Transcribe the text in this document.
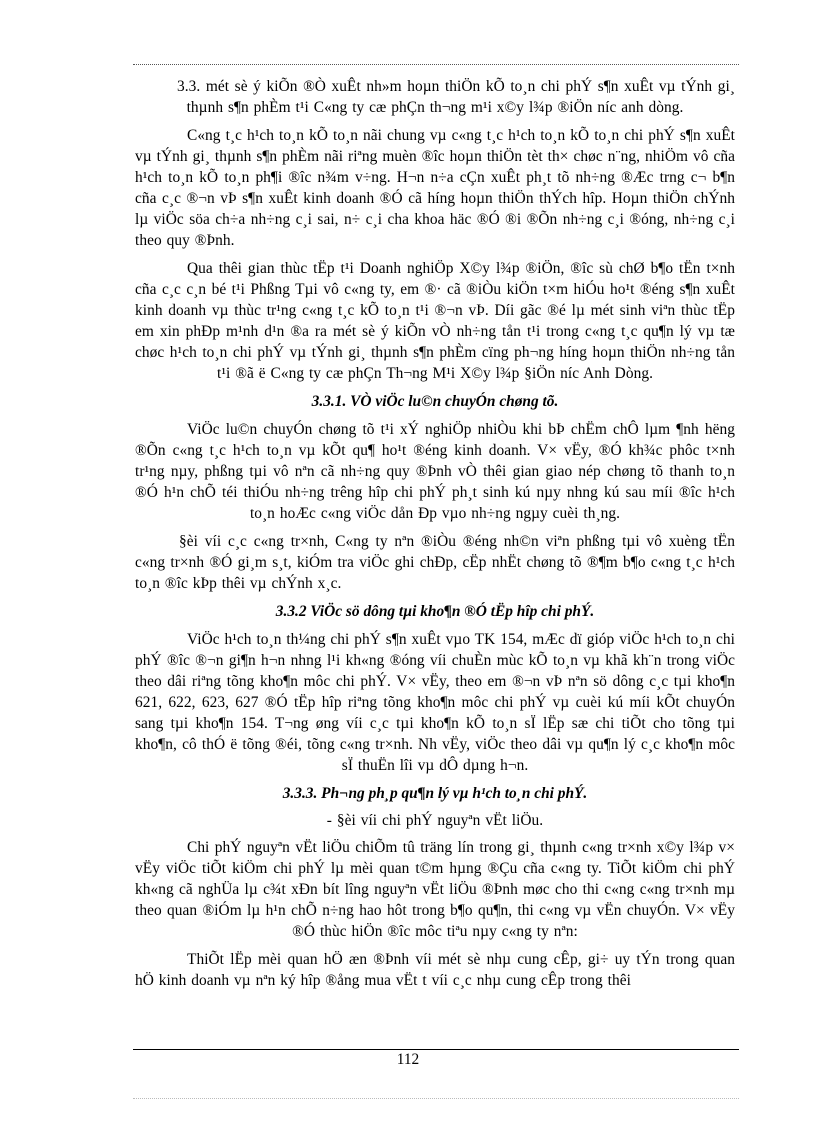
3.3. mét sè ý kiÕn ®Ò xuÊt nh»m hoµn thiÖn kÕ to¸n chi phÝ s¶n xuÊt vµ tÝnh gi¸ thµnh s¶n phÈm t¹i C«ng ty cæ phÇn th¬ng m¹i x©y l¾p ®iÖn níc anh dòng.

C«ng t¸c h¹ch to¸n kÕ to¸n nãi chung vµ c«ng t¸c h¹ch to¸n kÕ to¸n chi phÝ s¶n xuÊt vµ tÝnh gi¸ thµnh s¶n phÈm nãi riªng muèn ®îc hoµn thiÖn tèt th× chøc n¨ng, nhiÖm vô cña h¹ch to¸n kÕ to¸n ph¶i ®îc n¾m v÷ng. H¬n n÷a cÇn xuÊt ph¸t tõ nh÷ng ®Æc trng c¬ b¶n cña c¸c ®¬n vÞ s¶n xuÊt kinh doanh ®Ó cã híng hoµn thiÖn thÝch hîp. Hoµn thiÖn chÝnh lµ viÖc söa ch÷a nh÷ng c¸i sai, n÷ c¸i cha khoa häc ®Ó ®i ®Õn nh÷ng c¸i ®óng, nh÷ng c¸i theo quy ®Þnh.

Qua thêi gian thùc tËp t¹i Doanh nghiÖp X©y l¾p ®iÖn, ®îc sù chØ b¶o tËn t×nh cña c¸c c¸n bé t¹i Phßng Tµi vô c«ng ty, em ®· cã ®iÒu kiÖn t×m hiÓu ho¹t ®éng s¶n xuÊt kinh doanh vµ thùc tr¹ng c«ng t¸c kÕ to¸n t¹i ®¬n vÞ. Díi gãc ®é lµ mét sinh viªn thùc tËp em xin phÐp m¹nh d¹n ®a ra mét sè ý kiÕn vÒ nh÷ng tån t¹i trong c«ng t¸c qu¶n lý vµ tæ chøc h¹ch to¸n chi phÝ vµ tÝnh gi¸ thµnh s¶n phÈm cïng ph¬ng híng hoµn thiÖn nh÷ng tån t¹i ®ã ë C«ng ty cæ phÇn Th¬ng M¹i X©y l¾p §iÖn níc Anh Dòng.

3.3.1. VÒ viÖc lu©n chuyÓn chøng tõ.

ViÖc lu©n chuyÓn chøng tõ t¹i xÝ nghiÖp nhiÒu khi bÞ chËm chÔ lµm ¶nh hëng ®Õn c«ng t¸c h¹ch to¸n vµ kÕt qu¶ ho¹t ®éng kinh doanh. V× vËy, ®Ó kh¾c phôc t×nh tr¹ng nµy, phßng tµi vô nªn cã nh÷ng quy ®Þnh vÒ thêi gian giao nép chøng tõ thanh to¸n ®Ó h¹n chÕ téi thiÓu nh÷ng trêng hîp chi phÝ ph¸t sinh kú nµy nhng kú sau míi ®îc h¹ch to¸n hoÆc c«ng viÖc dån Ðp vµo nh÷ng ngµy cuèi th¸ng.

§èi víi c¸c c«ng tr×nh, C«ng ty nªn ®iÒu ®éng nh©n viªn phßng tµi vô xuèng tËn c«ng tr×nh ®Ó gi¸m s¸t, kiÓm tra viÖc ghi chÐp, cËp nhËt chøng tõ ®¶m b¶o c«ng t¸c h¹ch to¸n ®îc kÞp thêi vµ chÝnh x¸c.

3.3.2 ViÖc sö dông tµi kho¶n ®Ó tËp hîp chi phÝ.

ViÖc h¹ch to¸n th¼ng chi phÝ s¶n xuÊt vµo TK 154, mÆc dï gióp viÖc h¹ch to¸n chi phÝ ®îc ®¬n gi¶n h¬n nhng l¹i kh«ng ®óng víi chuÈn mùc kÕ to¸n vµ khã kh¨n trong viÖc theo dâi riªng tõng kho¶n môc chi phÝ. V× vËy, theo em ®¬n vÞ nªn sö dông c¸c tµi kho¶n 621, 622, 623, 627 ®Ó tËp hîp riªng tõng kho¶n môc chi phÝ vµ cuèi kú míi kÕt chuyÓn sang tµi kho¶n 154. T¬ng øng víi c¸c tµi kho¶n kÕ to¸n sÏ lËp sæ chi tiÕt cho tõng tµi kho¶n, cô thÓ ë tõng ®éi, tõng c«ng tr×nh. Nh vËy, viÖc theo dâi vµ qu¶n lý c¸c kho¶n môc sÏ thuËn lîi vµ dÔ dµng h¬n.

3.3.3. Ph¬ng ph¸p qu¶n lý vµ h¹ch to¸n chi phÝ.

- §èi víi chi phÝ nguyªn vËt liÖu.

Chi phÝ nguyªn vËt liÖu chiÕm tû träng lín trong gi¸ thµnh c«ng tr×nh x©y l¾p v× vËy viÖc tiÕt kiÖm chi phÝ lµ mèi quan t©m hµng ®Çu cña c«ng ty. TiÕt kiÖm chi phÝ kh«ng cã nghÜa lµ c¾t xÐn bít lîng nguyªn vËt liÖu ®Þnh møc cho thi c«ng c«ng tr×nh mµ theo quan ®iÓm lµ h¹n chÕ n÷ng hao hôt trong b¶o qu¶n, thi c«ng vµ vËn chuyÓn. V× vËy ®Ó thùc hiÖn ®îc môc tiªu nµy c«ng ty nªn:

ThiÕt lËp mèi quan hÖ æn ®Þnh víi mét sè nhµ cung cÊp, gi÷ uy tÝn trong quan hÖ kinh doanh vµ nªn ký hîp ®ång mua vËt t víi c¸c nhµ cung cÊp trong thêi

112
